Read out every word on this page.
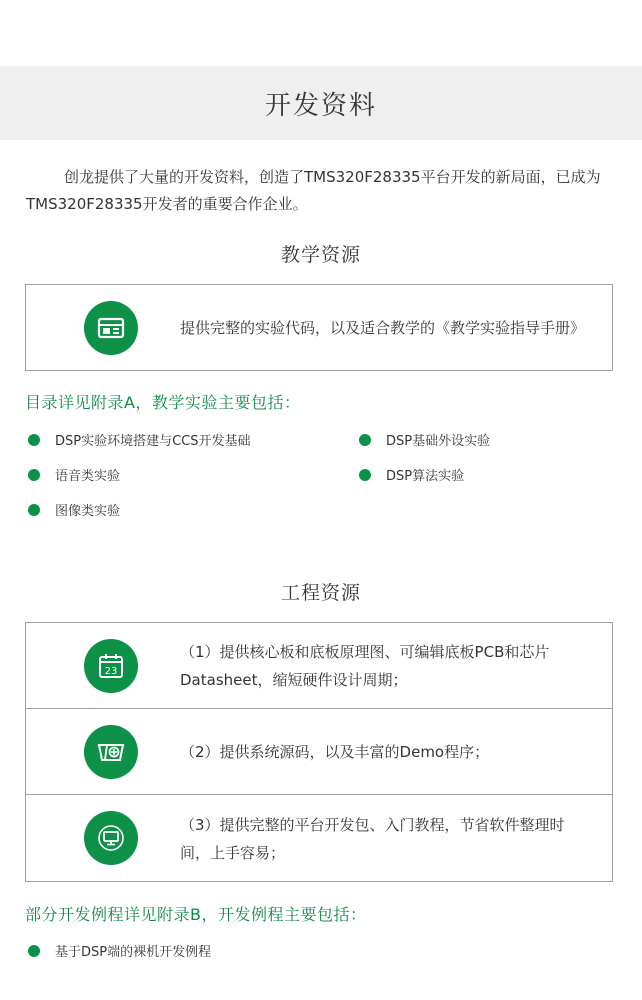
开发资料
创龙提供了大量的开发资料，创造了TMS320F28335平台开发的新局面，已成为TMS320F28335开发者的重要合作企业。
教学资源
提供完整的实验代码，以及适合教学的《教学实验指导手册》
目录详见附录A，教学实验主要包括：
DSP实验环境搭建与CCS开发基础	DSP基础外设实验
语音类实验	DSP算法实验
图像类实验
工程资源
23
（1）提供核心板和底板原理图、可编辑底板PCB和芯片Datasheet，缩短硬件设计周期；
（2）提供系统源码，以及丰富的Demo程序；
（3）提供完整的平台开发包、入门教程，节省软件整理时间，上手容易；
部分开发例程详见附录B，开发例程主要包括：
基于DSP端的裸机开发例程
